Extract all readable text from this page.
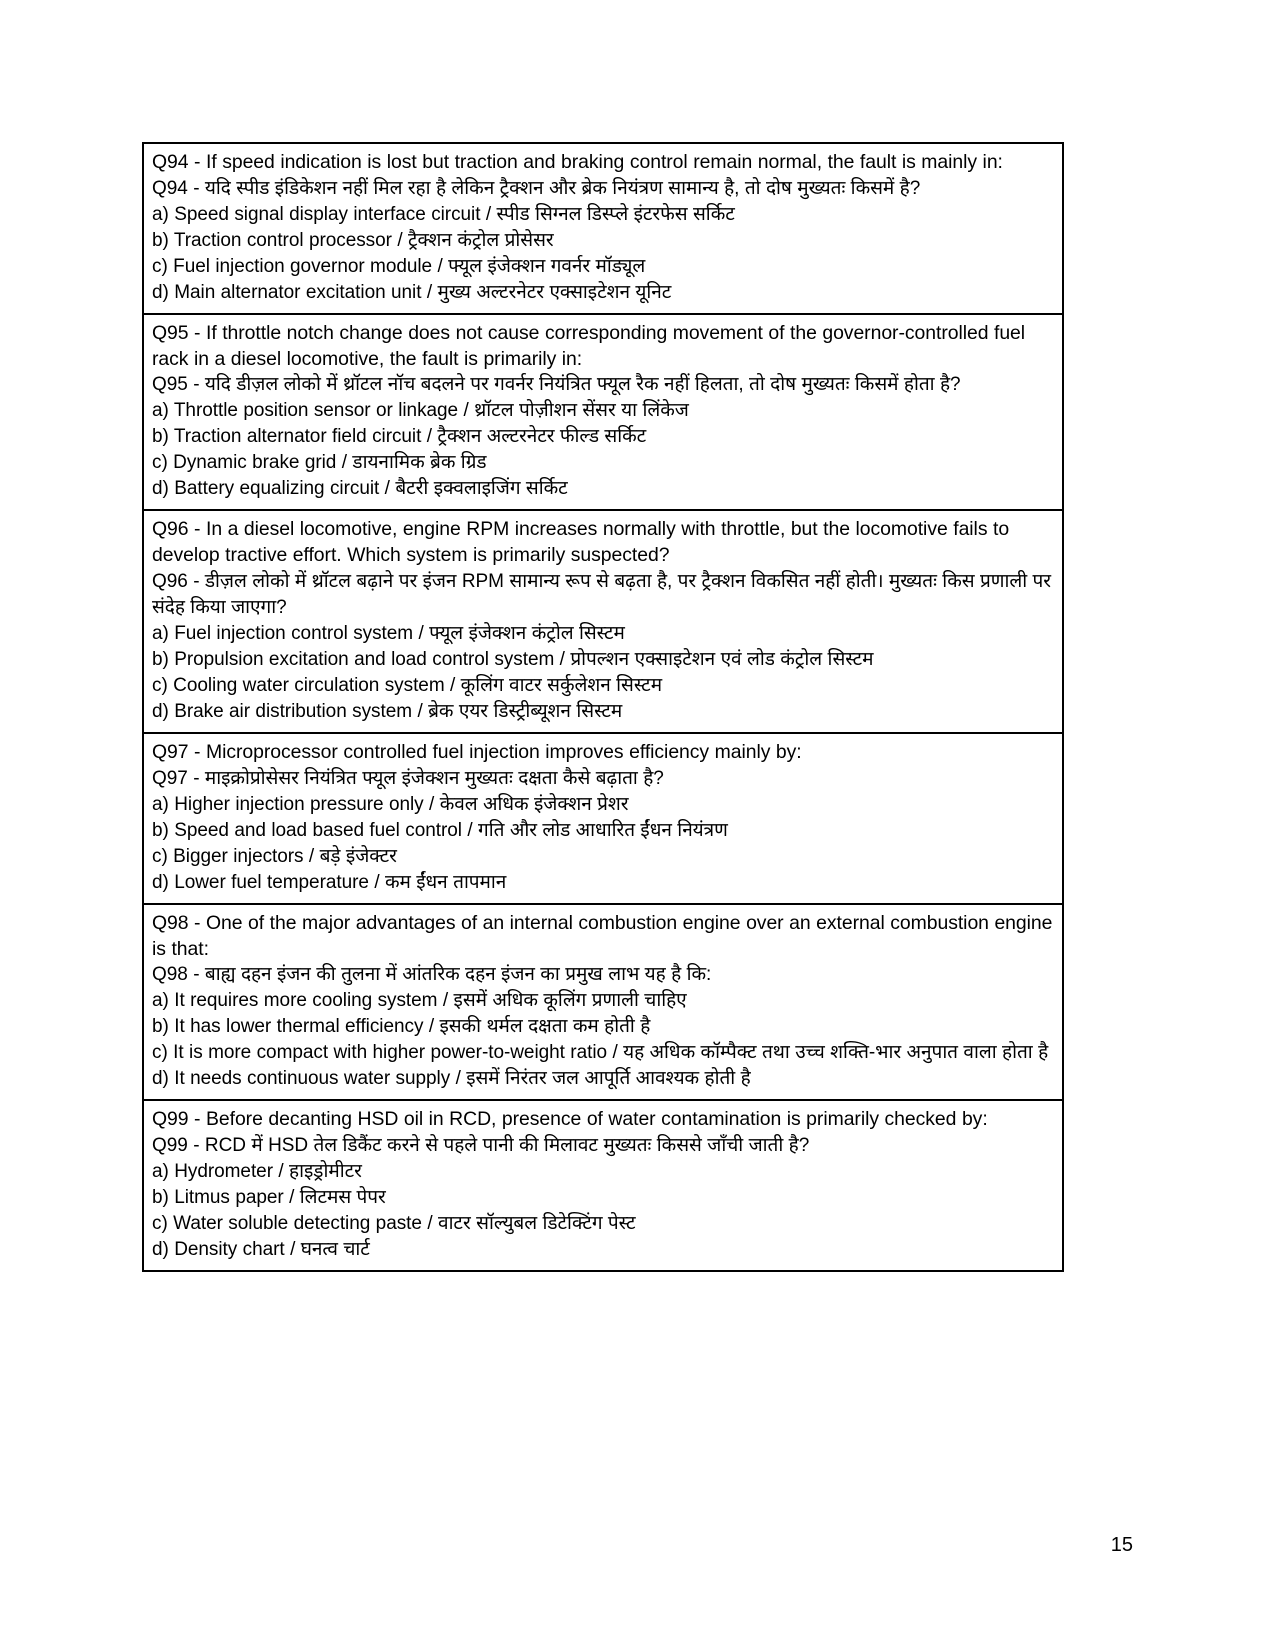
Q94 - If speed indication is lost but traction and braking control remain normal, the fault is mainly in:
Q94 - यदि स्पीड इंडिकेशन नहीं मिल रहा है लेकिन ट्रैक्शन और ब्रेक नियंत्रण सामान्य है, तो दोष मुख्यतः किसमें है?
a) Speed signal display interface circuit / स्पीड सिग्नल डिस्प्ले इंटरफेस सर्किट
b) Traction control processor / ट्रैक्शन कंट्रोल प्रोसेसर
c) Fuel injection governor module / फ्यूल इंजेक्शन गवर्नर मॉड्यूल
d) Main alternator excitation unit / मुख्य अल्टरनेटर एक्साइटेशन यूनिट
Q95 - If throttle notch change does not cause corresponding movement of the governor-controlled fuel rack in a diesel locomotive, the fault is primarily in:
Q95 - यदि डीज़ल लोको में थ्रॉटल नॉच बदलने पर गवर्नर नियंत्रित फ्यूल रैक नहीं हिलता, तो दोष मुख्यतः किसमें होता है?
a) Throttle position sensor or linkage / थ्रॉटल पोज़ीशन सेंसर या लिंकेज
b) Traction alternator field circuit / ट्रैक्शन अल्टरनेटर फील्ड सर्किट
c) Dynamic brake grid / डायनामिक ब्रेक ग्रिड
d) Battery equalizing circuit / बैटरी इक्वलाइजिंग सर्किट
Q96 - In a diesel locomotive, engine RPM increases normally with throttle, but the locomotive fails to develop tractive effort. Which system is primarily suspected?
Q96 - डीज़ल लोको में थ्रॉटल बढ़ाने पर इंजन RPM सामान्य रूप से बढ़ता है, पर ट्रैक्शन विकसित नहीं होती। मुख्यतः किस प्रणाली पर संदेह किया जाएगा?
a) Fuel injection control system / फ्यूल इंजेक्शन कंट्रोल सिस्टम
b) Propulsion excitation and load control system / प्रोपल्शन एक्साइटेशन एवं लोड कंट्रोल सिस्टम
c) Cooling water circulation system / कूलिंग वाटर सर्कुलेशन सिस्टम
d) Brake air distribution system / ब्रेक एयर डिस्ट्रीब्यूशन सिस्टम
Q97 - Microprocessor controlled fuel injection improves efficiency mainly by:
Q97 - माइक्रोप्रोसेसर नियंत्रित फ्यूल इंजेक्शन मुख्यतः दक्षता कैसे बढ़ाता है?
a) Higher injection pressure only / केवल अधिक इंजेक्शन प्रेशर
b) Speed and load based fuel control / गति और लोड आधारित ईंधन नियंत्रण
c) Bigger injectors / बड़े इंजेक्टर
d) Lower fuel temperature / कम ईंधन तापमान
Q98 - One of the major advantages of an internal combustion engine over an external combustion engine is that:
Q98 - बाह्य दहन इंजन की तुलना में आंतरिक दहन इंजन का प्रमुख लाभ यह है कि:
a) It requires more cooling system / इसमें अधिक कूलिंग प्रणाली चाहिए
b) It has lower thermal efficiency / इसकी थर्मल दक्षता कम होती है
c) It is more compact with higher power-to-weight ratio / यह अधिक कॉम्पैक्ट तथा उच्च शक्ति-भार अनुपात वाला होता है
d) It needs continuous water supply / इसमें निरंतर जल आपूर्ति आवश्यक होती है
Q99 - Before decanting HSD oil in RCD, presence of water contamination is primarily checked by:
Q99 - RCD में HSD तेल डिकैंट करने से पहले पानी की मिलावट मुख्यतः किससे जाँची जाती है?
a) Hydrometer / हाइड्रोमीटर
b) Litmus paper / लिटमस पेपर
c) Water soluble detecting paste / वाटर सॉल्युबल डिटेक्टिंग पेस्ट
d) Density chart / घनत्व चार्ट
15
